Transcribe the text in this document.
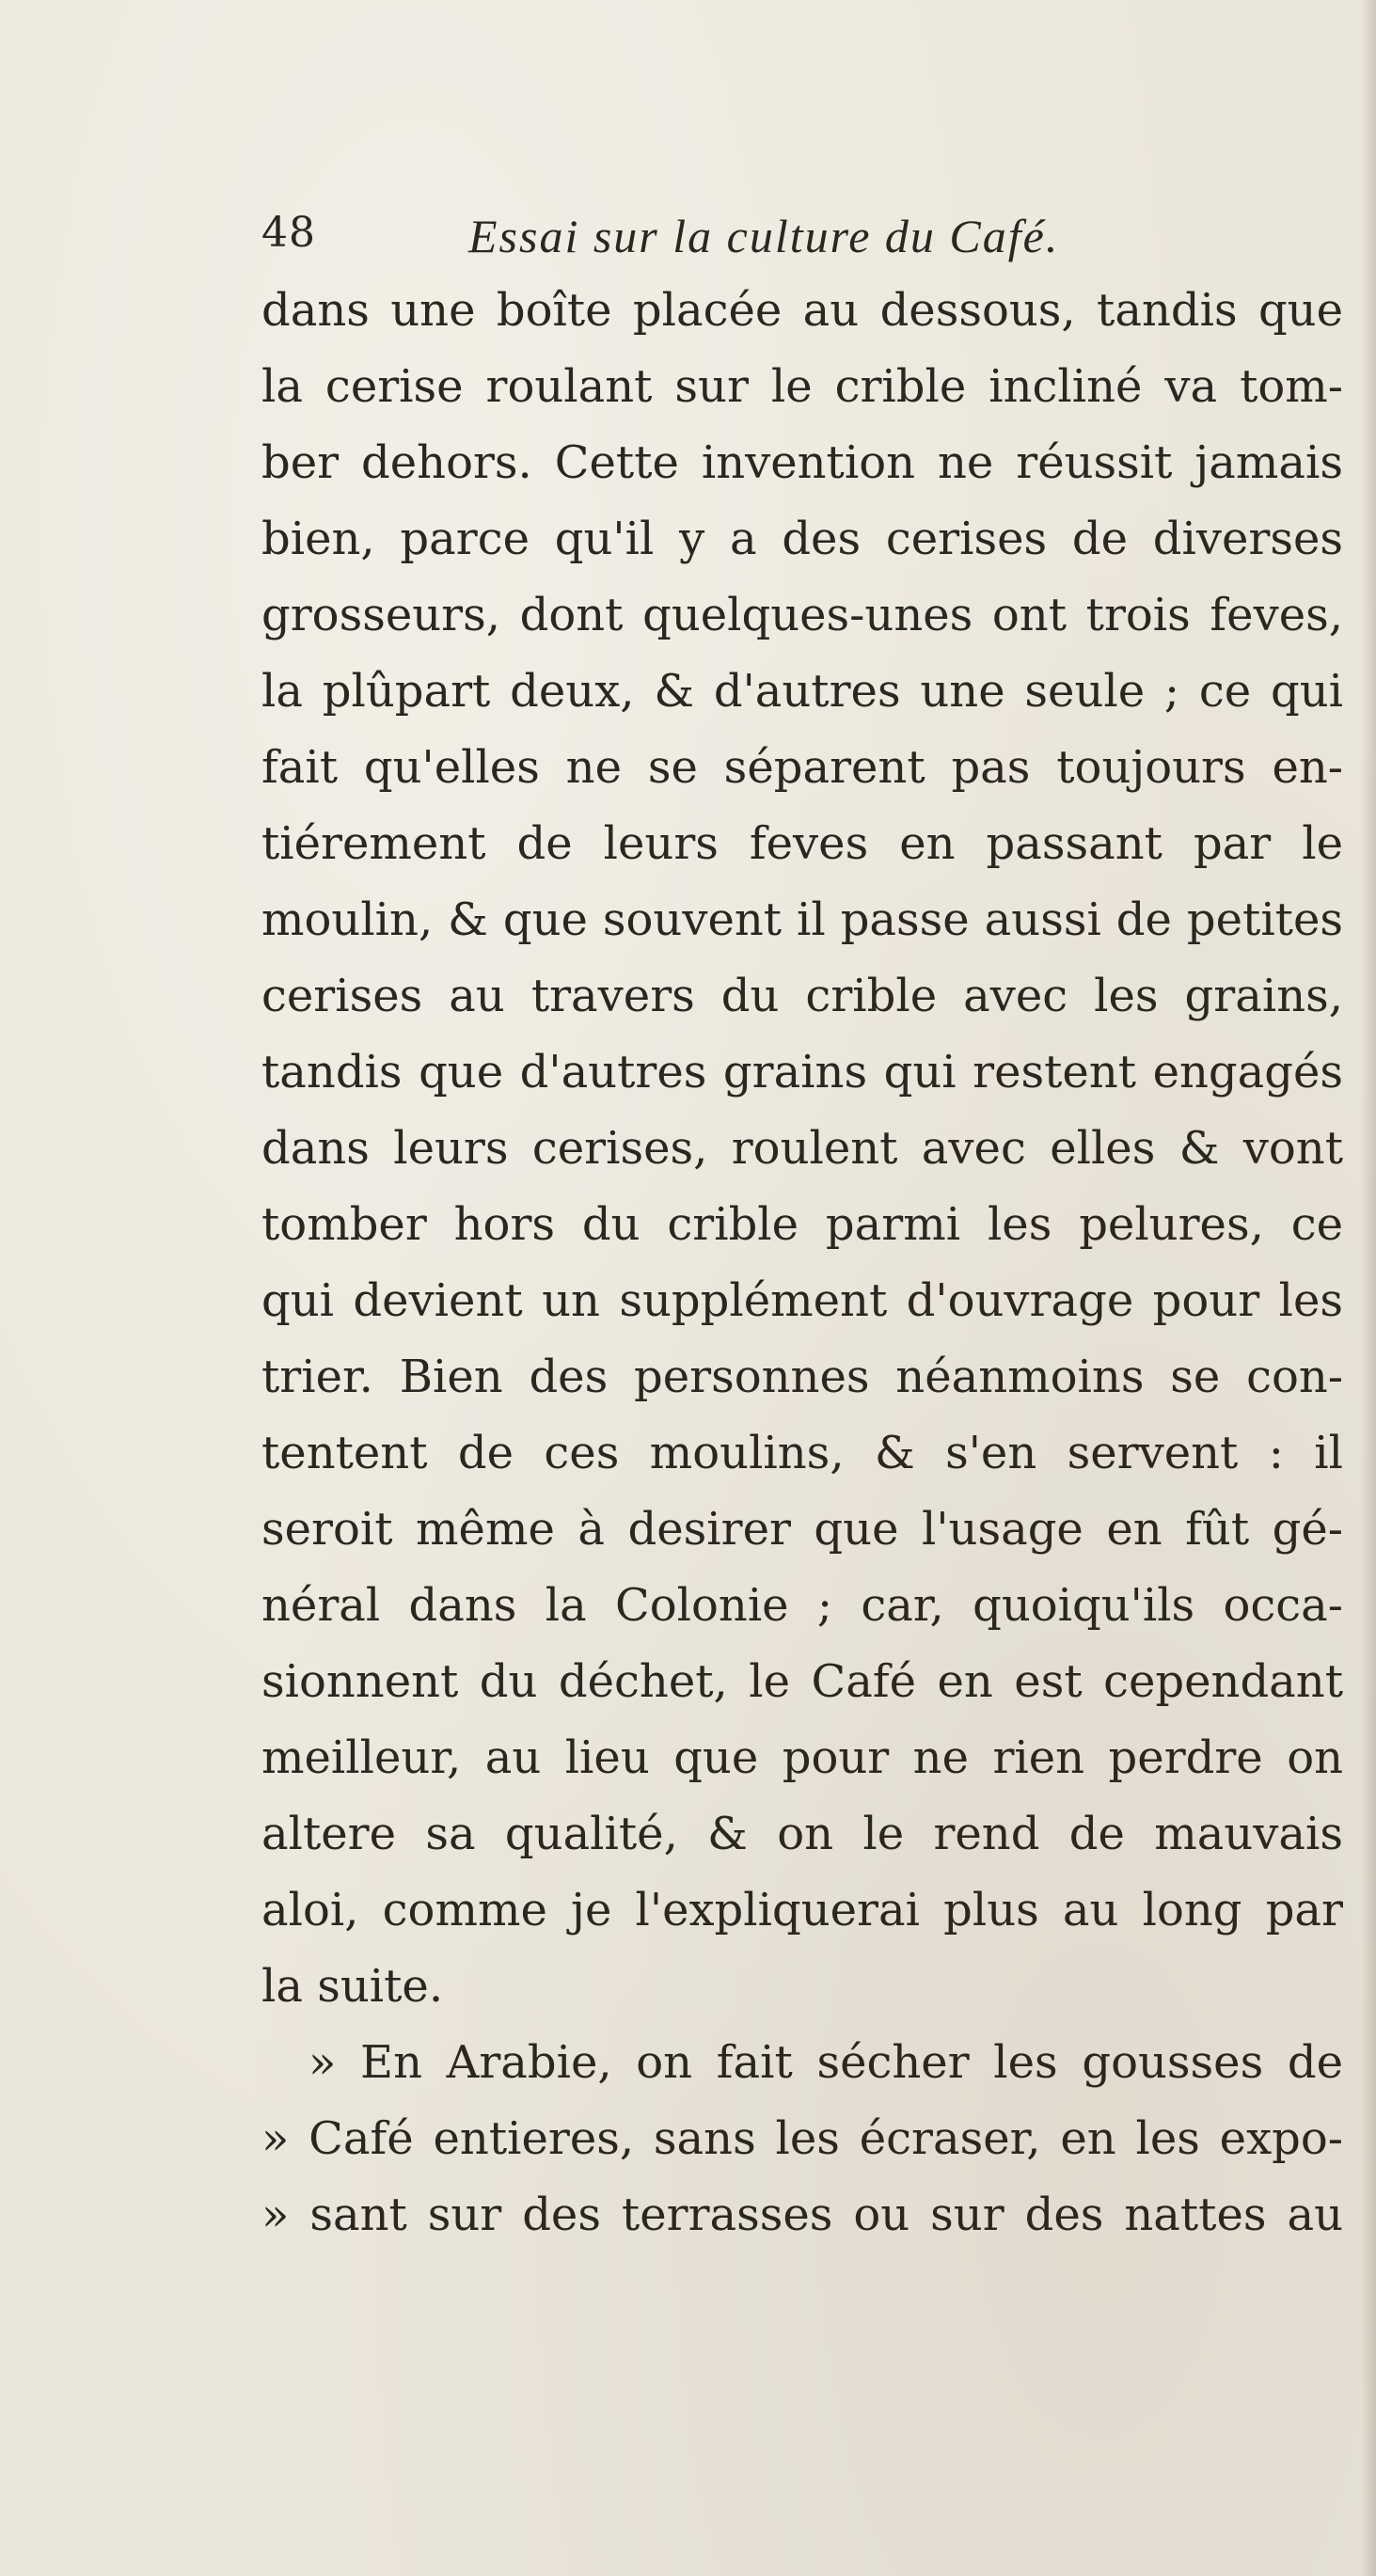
48	Essai sur la culture du Café.
dans une boîte placée au dessous, tandis que
la cerise roulant sur le crible incliné va tom-
ber dehors. Cette invention ne réussit jamais
bien, parce qu'il y a des cerises de diverses
grosseurs, dont quelques-unes ont trois feves,
la plûpart deux, & d'autres une seule ; ce qui
fait qu'elles ne se séparent pas toujours en-
tiérement de leurs feves en passant par le
moulin, & que souvent il passe aussi de petites
cerises au travers du crible avec les grains,
tandis que d'autres grains qui restent engagés
dans leurs cerises, roulent avec elles & vont
tomber hors du crible parmi les pelures, ce
qui devient un supplément d'ouvrage pour les
trier. Bien des personnes néanmoins se con-
tentent de ces moulins, & s'en servent : il
seroit même à desirer que l'usage en fût gé-
néral dans la Colonie ; car, quoiqu'ils occa-
sionnent du déchet, le Café en est cependant
meilleur, au lieu que pour ne rien perdre on
altere sa qualité, & on le rend de mauvais
aloi, comme je l'expliquerai plus au long par
la suite.
» En Arabie, on fait sécher les gousses de
» Café entieres, sans les écraser, en les expo-
» sant sur des terrasses ou sur des nattes au
